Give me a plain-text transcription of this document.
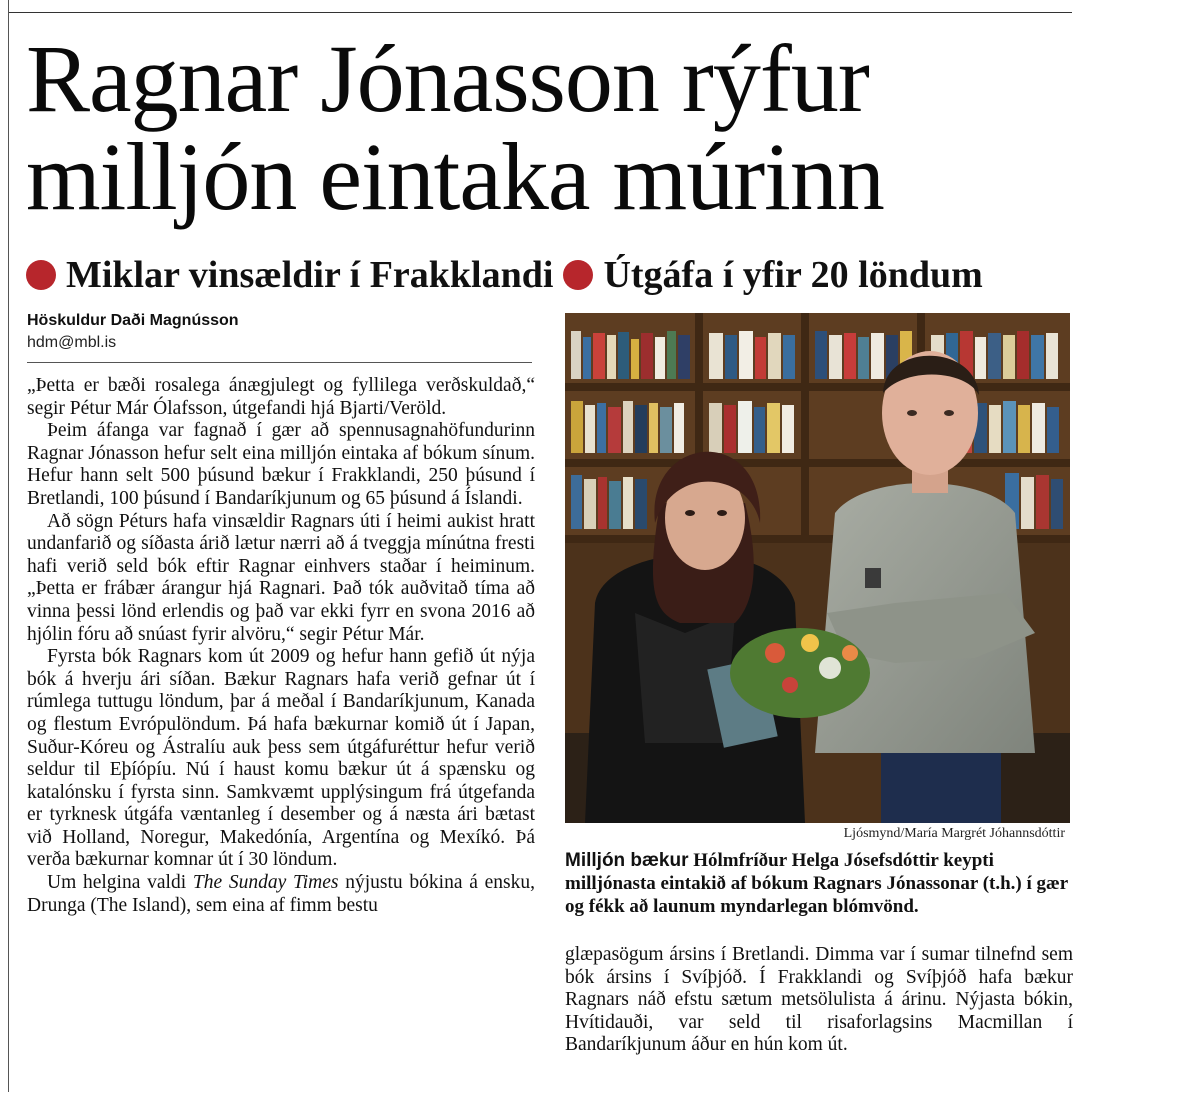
Ragnar Jónasson rýfur
milljón eintaka múrinn
Miklar vinsældir í Frakklandi Útgáfa í yfir 20 löndum
Höskuldur Daði Magnússon
hdm@mbl.is

„Þetta er bæði rosalega ánægjulegt og fyllilega verðskuldað,“ segir Pétur Már Ólafsson, útgefandi hjá Bjarti/Veröld.

Þeim áfanga var fagnað í gær að spennusagnahöfundurinn Ragnar Jónasson hefur selt eina milljón eintaka af bókum sínum. Hefur hann selt 500 þúsund bækur í Frakklandi, 250 þúsund í Bretlandi, 100 þúsund í Bandaríkjunum og 65 þúsund á Íslandi.

Að sögn Péturs hafa vinsældir Ragnars úti í heimi aukist hratt undanfarið og síðasta árið lætur nærri að á tveggja mínútna fresti hafi verið seld bók eftir Ragnar einhvers staðar í heiminum. „Þetta er frábær árangur hjá Ragnari. Það tók auðvitað tíma að vinna þessi lönd erlendis og það var ekki fyrr en svona 2016 að hjólin fóru að snúast fyrir alvöru,“ segir Pétur Már.

Fyrsta bók Ragnars kom út 2009 og hefur hann gefið út nýja bók á hverju ári síðan. Bækur Ragnars hafa verið gefnar út í rúmlega tuttugu löndum, þar á meðal í Bandaríkjunum, Kanada og flestum Evrópulöndum. Þá hafa bækurnar komið út í Japan, Suður-Kóreu og Ástralíu auk þess sem útgáfuréttur hefur verið seldur til Eþíópíu. Nú í haust komu bækur út á spænsku og katalónsku í fyrsta sinn. Samkvæmt upplýsingum frá útgefanda er tyrknesk útgáfa væntanleg í desember og á næsta ári bætast við Holland, Noregur, Makedónía, Argentína og Mexíkó. Þá verða bækurnar komnar út í 30 löndum.

Um helgina valdi The Sunday Times nýjustu bókina á ensku, Drunga (The Island), sem eina af fimm bestu

Ljósmynd/María Margrét Jóhannsdóttir
Milljón bækur Hólmfríður Helga Jósefsdóttir keypti milljónasta eintakið af bókum Ragnars Jónassonar (t.h.) í gær og fékk að launum myndarlegan blómvönd.

glæpasögum ársins í Bretlandi. Dimma var í sumar tilnefnd sem bók ársins í Svíþjóð. Í Frakklandi og Svíþjóð hafa bækur Ragnars náð efstu sætum metsölulista á árinu. Nýjasta bókin, Hvítidauði, var seld til risaforlagsins Macmillan í Bandaríkjunum áður en hún kom út.
